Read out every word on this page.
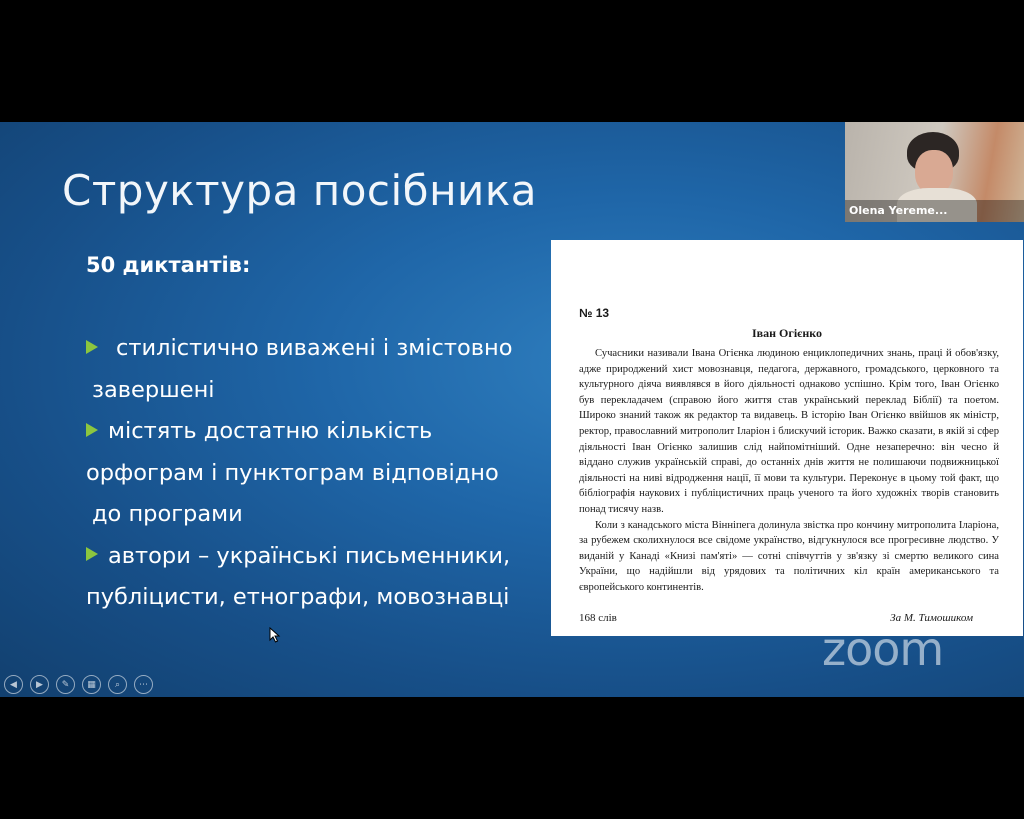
Структура посібника
50 диктантів:
стилістично виважені і змістовно
завершені
містять достатню кількість
орфограм і пунктограм відповідно
до програми
автори – українські письменники,
публіцисти, етнографи, мовознавці
№ 13
Іван Огієнко

Сучасники називали Івана Огієнка людиною енциклопедичних знань, праці й обов'язку, адже природжений хист мовознавця, педагога, державного, громадського, церковного та культурного діяча виявлявся в його діяльності однаково успішно. Крім того, Іван Огієнко був перекладачем (справою його життя став український переклад Біблії) та поетом. Широко знаний також як редактор та видавець. В історію Іван Огієнко ввійшов як міністр, ректор, православний митрополит Іларіон і блискучий історик. Важко сказати, в якій зі сфер діяльності Іван Огієнко залишив слід найпомітніший. Одне незаперечно: він чесно й віддано служив українській справі, до останніх днів життя не полишаючи подвижницької діяльності на ниві відродження нації, її мови та культури. Переконує в цьому той факт, що бібліографія наукових і публіцистичних праць ученого та його художніх творів становить понад тисячу назв.

Коли з канадського міста Вінніпега долинула звістка про кончину митрополита Іларіона, за рубежем сколихнулося все свідоме українство, відгукнулося все прогресивне людство. У виданій у Канаді «Книзі пам'яті» — сотні співчуттів у зв'язку зі смертю великого сина України, що надійшли від урядових та політичних кіл країн американського та європейського континентів.

168 слів	За М. Тимошиком
zoom
◀	▶	✎	▦	⌕	⋯
Olena Yereme...
